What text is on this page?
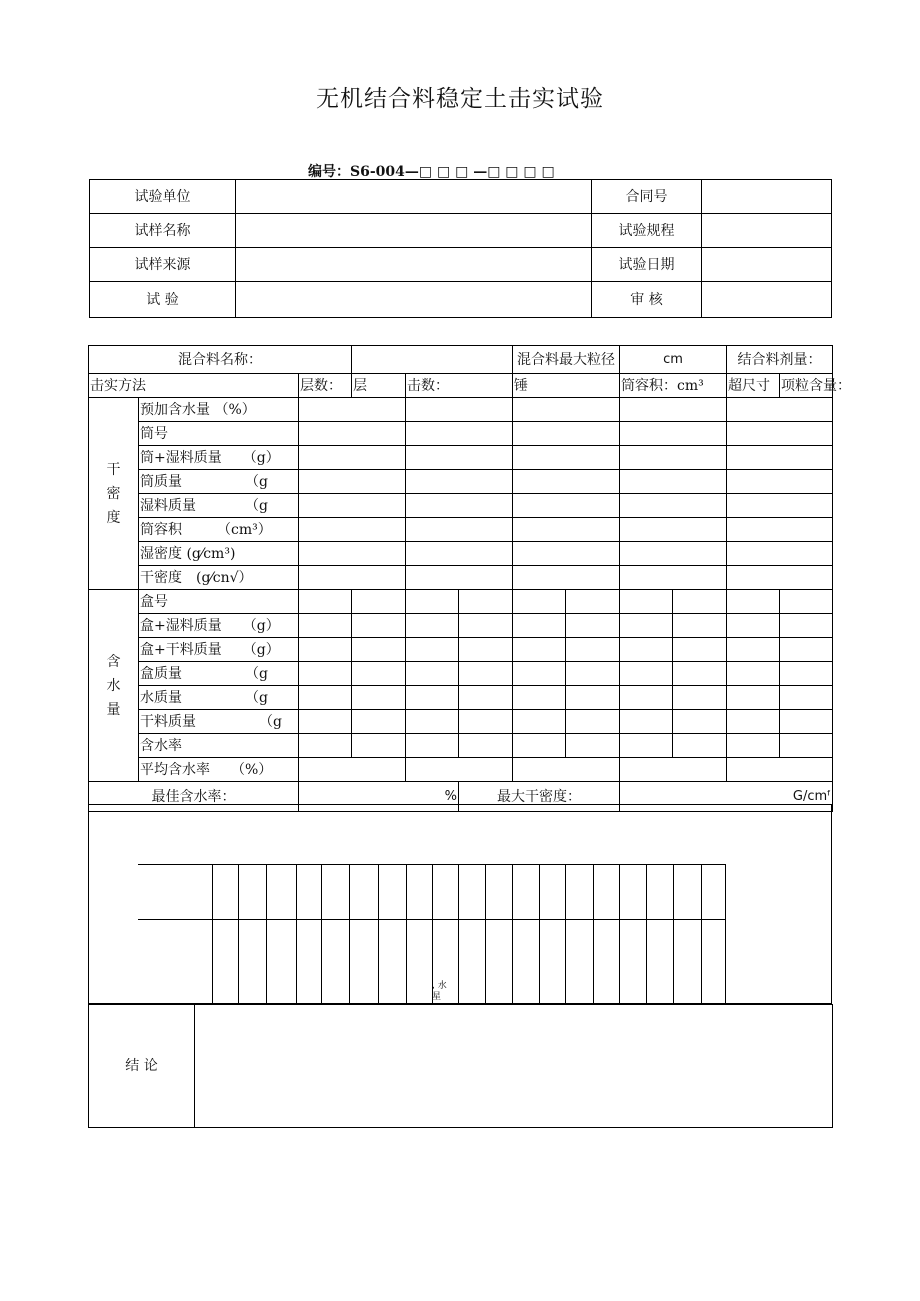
无机结合料稳定土击实试验
编号：S6-004—□ □ □ —□ □ □ □
试验单位		合同号	
试样名称		试验规程	
试样来源		试验日期	
试 验		审 核	
混合料名称：						混合料最大粒径		cm		结合料剂量：	
击实方法		层数：	层	击数：		锤		筒容积：cm³		超尺寸	项粒含量：
干
密
度	预加含水量 （%）										
	筒号										
	筒+湿料质量　　（g）										
	筒质量　　　　　（g										
	湿料质量　　　　（g										
	筒容积　　　（cm³）										
	湿密度 (g⁄cm³)										
	干密度　(g⁄cn√）										
含
水
量	盒号										
	盒+湿料质量　　（g）										
	盒+干料质量　　（g）										
	盒质量　　　　　（g										
	水质量　　　　　（g										
	干料质量　　　　　（g										
	含水率										
	平均含水率　　（%）										
最佳含水率：		%			最大干密度：			G/cmᶠ			
, 水
星
结 论	
